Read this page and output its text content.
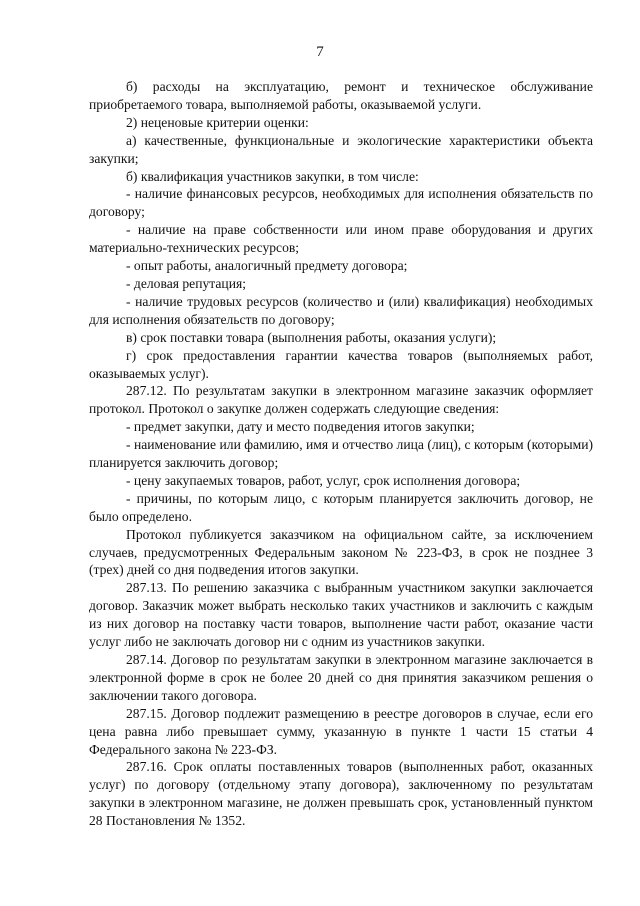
7

б) расходы на эксплуатацию, ремонт и техническое обслуживание приобретаемого товара, выполняемой работы, оказываемой услуги.

2) неценовые критерии оценки:

а) качественные, функциональные и экологические характеристики объекта закупки;

б) квалификация участников закупки, в том числе:

- наличие финансовых ресурсов, необходимых для исполнения обязательств по договору;

- наличие на праве собственности или ином праве оборудования и других материально-технических ресурсов;

- опыт работы, аналогичный предмету договора;

- деловая репутация;

- наличие трудовых ресурсов (количество и (или) квалификация) необходимых для исполнения обязательств по договору;

в) срок поставки товара (выполнения работы, оказания услуги);

г) срок предоставления гарантии качества товаров (выполняемых работ, оказываемых услуг).

287.12. По результатам закупки в электронном магазине заказчик оформляет протокол. Протокол о закупке должен содержать следующие сведения:

- предмет закупки, дату и место подведения итогов закупки;

- наименование или фамилию, имя и отчество лица (лиц), с которым (которыми) планируется заключить договор;

- цену закупаемых товаров, работ, услуг, срок исполнения договора;

- причины, по которым лицо, с которым планируется заключить договор, не было определено.

Протокол публикуется заказчиком на официальном сайте, за исключением случаев, предусмотренных Федеральным законом № 223-ФЗ, в срок не позднее 3 (трех) дней со дня подведения итогов закупки.

287.13. По решению заказчика с выбранным участником закупки заключается договор. Заказчик может выбрать несколько таких участников и заключить с каждым из них договор на поставку части товаров, выполнение части работ, оказание части услуг либо не заключать договор ни с одним из участников закупки.

287.14. Договор по результатам закупки в электронном магазине заключается в электронной форме в срок не более 20 дней со дня принятия заказчиком решения о заключении такого договора.

287.15. Договор подлежит размещению в реестре договоров в случае, если его цена равна либо превышает сумму, указанную в пункте 1 части 15 статьи 4 Федерального закона № 223-ФЗ.

287.16. Срок оплаты поставленных товаров (выполненных работ, оказанных услуг) по договору (отдельному этапу договора), заключенному по результатам закупки в электронном магазине, не должен превышать срок, установленный пунктом 28 Постановления № 1352.
